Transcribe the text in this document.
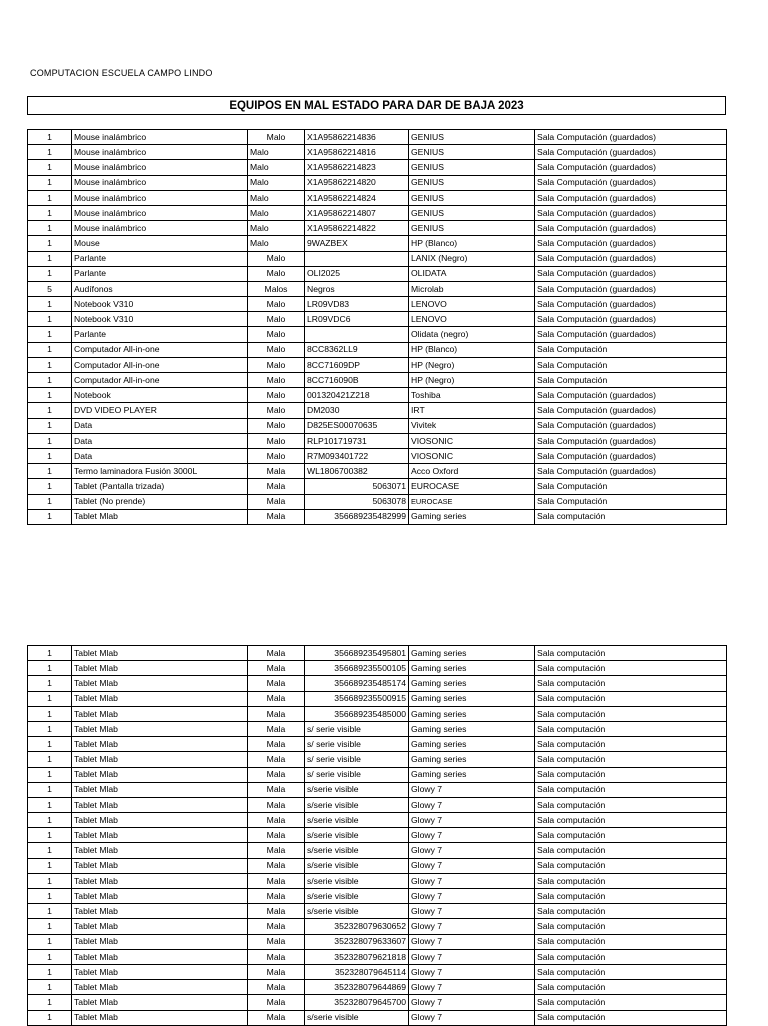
COMPUTACION ESCUELA CAMPO LINDO
EQUIPOS EN MAL ESTADO PARA DAR DE BAJA 2023
1	Mouse inalámbrico	Malo	X1A95862214836	GENIUS	Sala Computación (guardados)
1	Mouse inalámbrico	Malo	X1A95862214816	GENIUS	Sala Computación (guardados)
1	Mouse inalámbrico	Malo	X1A95862214823	GENIUS	Sala Computación (guardados)
1	Mouse inalámbrico	Malo	X1A95862214820	GENIUS	Sala Computación (guardados)
1	Mouse inalámbrico	Malo	X1A95862214824	GENIUS	Sala Computación (guardados)
1	Mouse inalámbrico	Malo	X1A95862214807	GENIUS	Sala Computación (guardados)
1	Mouse inalámbrico	Malo	X1A95862214822	GENIUS	Sala Computación (guardados)
1	Mouse	Malo	9WAZBEX	HP (Blanco)	Sala Computación (guardados)
1	Parlante	Malo		LANIX (Negro)	Sala Computación (guardados)
1	Parlante	Malo	OLI2025	OLIDATA	Sala Computación (guardados)
5	Audífonos	Malos	Negros	Microlab	Sala Computación (guardados)
1	Notebook V310	Malo	LR09VD83	LENOVO	Sala Computación (guardados)
1	Notebook V310	Malo	LR09VDC6	LENOVO	Sala Computación (guardados)
1	Parlante	Malo		Olidata (negro)	Sala Computación (guardados)
1	Computador All-in-one	Malo	8CC8362LL9	HP (Blanco)	Sala Computación
1	Computador All-in-one	Malo	8CC71609DP	HP (Negro)	Sala Computación
1	Computador All-in-one	Malo	8CC716090B	HP (Negro)	Sala Computación
1	Notebook	Malo	001320421Z218	Toshiba	Sala Computación (guardados)
1	DVD VIDEO PLAYER	Malo	DM2030	IRT	Sala Computación (guardados)
1	Data	Malo	D825ES00070635	Vivitek	Sala Computación (guardados)
1	Data	Malo	RLP101719731	VIOSONIC	Sala Computación (guardados)
1	Data	Malo	R7M093401722	VIOSONIC	Sala Computación (guardados)
1	Termo laminadora Fusión 3000L	Mala	WL1806700382	Acco Oxford	Sala Computación (guardados)
1	Tablet (Pantalla trizada)	Mala	5063071	EUROCASE	Sala Computación
1	Tablet (No prende)	Mala	5063078	EUROCASE	Sala Computación
1	Tablet Mlab	Mala	356689235482999	Gaming series	Sala computación
1	Tablet Mlab	Mala	356689235495801	Gaming series	Sala computación
1	Tablet Mlab	Mala	356689235500105	Gaming series	Sala computación
1	Tablet Mlab	Mala	356689235485174	Gaming series	Sala computación
1	Tablet Mlab	Mala	356689235500915	Gaming series	Sala computación
1	Tablet Mlab	Mala	356689235485000	Gaming series	Sala computación
1	Tablet Mlab	Mala	s/ serie visible	Gaming series	Sala computación
1	Tablet Mlab	Mala	s/ serie visible	Gaming series	Sala computación
1	Tablet Mlab	Mala	s/ serie visible	Gaming series	Sala computación
1	Tablet Mlab	Mala	s/ serie visible	Gaming series	Sala computación
1	Tablet Mlab	Mala	s/serie visible	Glowy 7	Sala computación
1	Tablet Mlab	Mala	s/serie visible	Glowy 7	Sala computación
1	Tablet Mlab	Mala	s/serie visible	Glowy 7	Sala computación
1	Tablet Mlab	Mala	s/serie visible	Glowy 7	Sala computación
1	Tablet Mlab	Mala	s/serie visible	Glowy 7	Sala computación
1	Tablet Mlab	Mala	s/serie visible	Glowy 7	Sala computación
1	Tablet Mlab	Mala	s/serie visible	Glowy 7	Sala computación
1	Tablet Mlab	Mala	s/serie visible	Glowy 7	Sala computación
1	Tablet Mlab	Mala	s/serie visible	Glowy 7	Sala computación
1	Tablet Mlab	Mala	352328079630652	Glowy 7	Sala computación
1	Tablet Mlab	Mala	352328079633607	Glowy 7	Sala computación
1	Tablet Mlab	Mala	352328079621818	Glowy 7	Sala computación
1	Tablet Mlab	Mala	352328079645114	Glowy 7	Sala computación
1	Tablet Mlab	Mala	352328079644869	Glowy 7	Sala computación
1	Tablet Mlab	Mala	352328079645700	Glowy 7	Sala computación
1	Tablet Mlab	Mala	s/serie visible	Glowy 7	Sala computación
